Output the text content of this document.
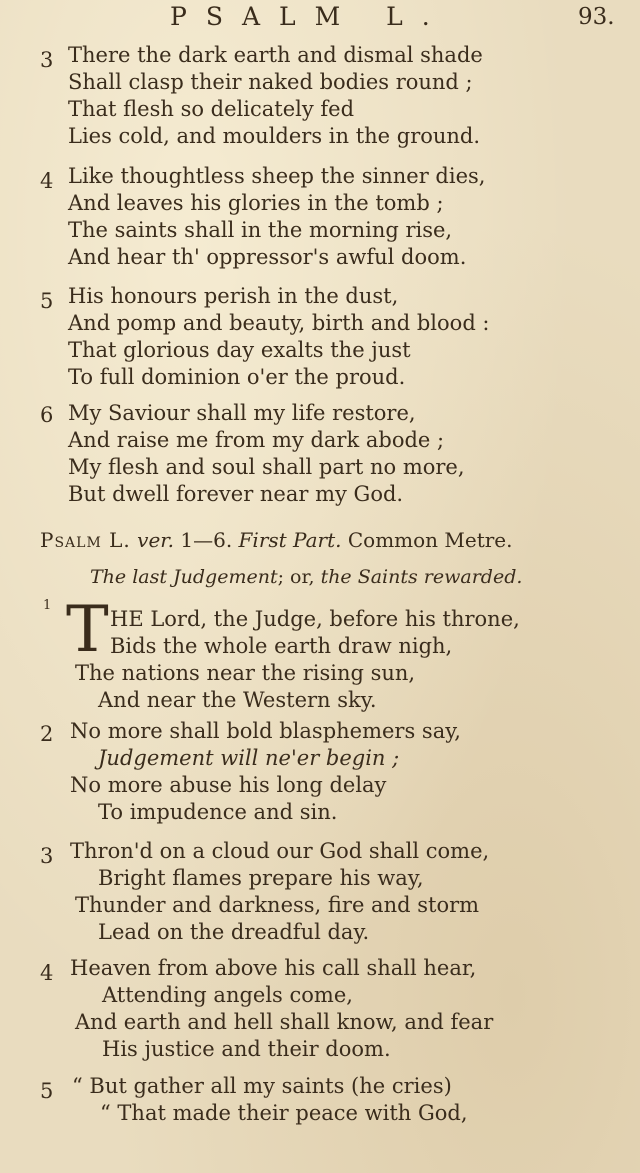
PSALM L.	93.
3 There the dark earth and dismal shade
Shall clasp their naked bodies round ;
That flesh so delicately fed
Lies cold, and moulders in the ground.
4 Like thoughtless sheep the sinner dies,
And leaves his glories in the tomb ;
The saints shall in the morning rise,
And hear th' oppressor's awful doom.
5 His honours perish in the dust,
And pomp and beauty, birth and blood :
That glorious day exalts the just
To full dominion o'er the proud.
6 My Saviour shall my life restore,
And raise me from my dark abode ;
My flesh and soul shall part no more,
But dwell forever near my God.
Psalm L. ver. 1—6. First Part. Common Metre.
The last Judgement; or, the Saints rewarded.
1 T HE Lord, the Judge, before his throne,
Bids the whole earth draw nigh,
The nations near the rising sun,
And near the Western sky.
2 No more shall bold blasphemers say,
Judgement will ne'er begin ;
No more abuse his long delay
To impudence and sin.
3 Thron'd on a cloud our God shall come,
Bright flames prepare his way,
Thunder and darkness, fire and storm
Lead on the dreadful day.
4 Heaven from above his call shall hear,
Attending angels come,
And earth and hell shall know, and fear
His justice and their doom.
5 “ But gather all my saints (he cries)
“ That made their peace with God,
